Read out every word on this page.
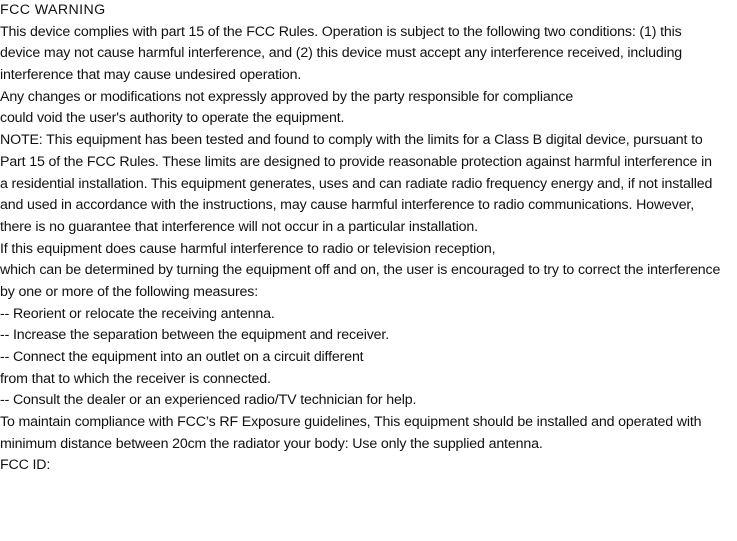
FCC WARNING
This device complies with part 15 of the FCC Rules. Operation is subject to the following two conditions: (1) this
device may not cause harmful interference, and (2) this device must accept any interference received, including
interference that may cause undesired operation.
Any changes or modifications not expressly approved by the party responsible for compliance
could void the user's authority to operate the equipment.
NOTE: This equipment has been tested and found to comply with the limits for a Class B digital device, pursuant to
Part 15 of the FCC Rules. These limits are designed to provide reasonable protection against harmful interference in
a residential installation. This equipment generates, uses and can radiate radio frequency energy and, if not installed
and used in accordance with the instructions, may cause harmful interference to radio communications. However,
there is no guarantee that interference will not occur in a particular installation.
If this equipment does cause harmful interference to radio or television reception,
which can be determined by turning the equipment off and on, the user is encouraged to try to correct the interference
by one or more of the following measures:
-- Reorient or relocate the receiving antenna.
-- Increase the separation between the equipment and receiver.
-- Connect the equipment into an outlet on a circuit different
from that to which the receiver is connected.
-- Consult the dealer or an experienced radio/TV technician for help.
To maintain compliance with FCC’s RF Exposure guidelines, This equipment should be installed and operated with
minimum distance between 20cm the radiator your body: Use only the supplied antenna.
FCC ID:
